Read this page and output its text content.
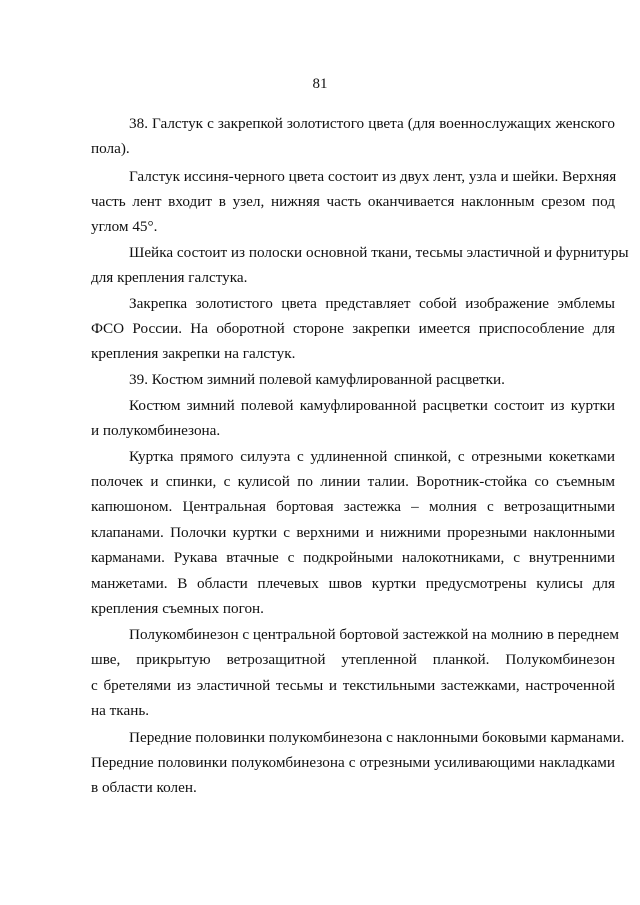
81
38. Галстук с закрепкой золотистого цвета (для военнослужащих женского
пола).
Галстук иссиня-черного цвета состоит из двух лент, узла и шейки. Верхняя
часть лент входит в узел, нижняя часть оканчивается наклонным срезом под
углом 45°.
Шейка состоит из полоски основной ткани, тесьмы эластичной и фурнитуры
для крепления галстука.
Закрепка золотистого цвета представляет собой изображение эмблемы
ФСО России. На оборотной стороне закрепки имеется приспособление для
крепления закрепки на галстук.
39. Костюм зимний полевой камуфлированной расцветки.
Костюм зимний полевой камуфлированной расцветки состоит из куртки
и полукомбинезона.
Куртка прямого силуэта с удлиненной спинкой, с отрезными кокетками
полочек и спинки, с кулисой по линии талии. Воротник-стойка со съемным
капюшоном. Центральная бортовая застежка – молния с ветрозащитными
клапанами. Полочки куртки с верхними и нижними прорезными наклонными
карманами. Рукава втачные с подкройными налокотниками, с внутренними
манжетами. В области плечевых швов куртки предусмотрены кулисы для
крепления съемных погон.
Полукомбинезон с центральной бортовой застежкой на молнию в переднем
шве, прикрытую ветрозащитной утепленной планкой. Полукомбинезон
с бретелями из эластичной тесьмы и текстильными застежками, настроченной
на ткань.
Передние половинки полукомбинезона с наклонными боковыми карманами.
Передние половинки полукомбинезона с отрезными усиливающими накладками
в области колен.
